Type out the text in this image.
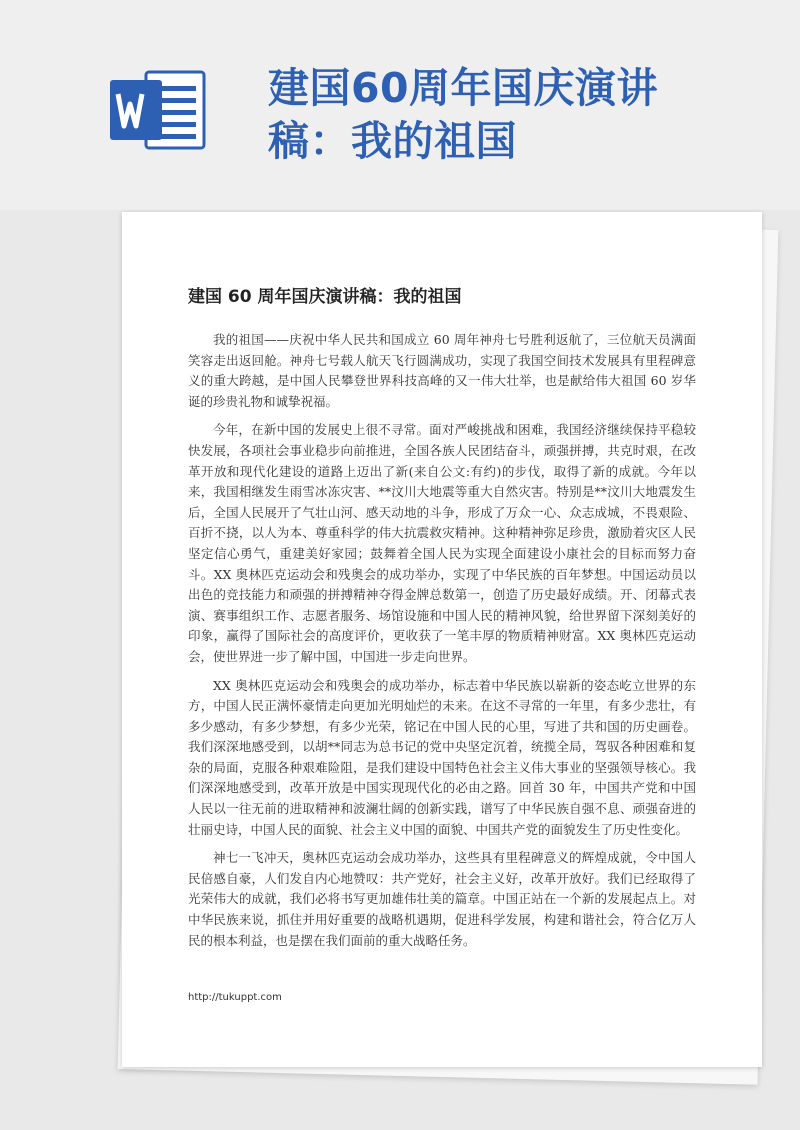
建国60周年国庆演讲稿：我的祖国
建国 60 周年国庆演讲稿：我的祖国

我的祖国——庆祝中华人民共和国成立 60 周年神舟七号胜利返航了，三位航天员满面笑容走出返回舱。神舟七号载人航天飞行圆满成功，实现了我国空间技术发展具有里程碑意义的重大跨越，是中国人民攀登世界科技高峰的又一伟大壮举，也是献给伟大祖国 60 岁华诞的珍贵礼物和诚挚祝福。

今年，在新中国的发展史上很不寻常。面对严峻挑战和困难，我国经济继续保持平稳较快发展，各项社会事业稳步向前推进，全国各族人民团结奋斗，顽强拼搏，共克时艰，在改革开放和现代化建设的道路上迈出了新(来自公文:有约)的步伐，取得了新的成就。今年以来，我国相继发生雨雪冰冻灾害、**汶川大地震等重大自然灾害。特别是**汶川大地震发生后，全国人民展开了气壮山河、感天动地的斗争，形成了万众一心、众志成城，不畏艰险、百折不挠，以人为本、尊重科学的伟大抗震救灾精神。这种精神弥足珍贵，激励着灾区人民坚定信心勇气，重建美好家园；鼓舞着全国人民为实现全面建设小康社会的目标而努力奋斗。XX 奥林匹克运动会和残奥会的成功举办，实现了中华民族的百年梦想。中国运动员以出色的竞技能力和顽强的拼搏精神夺得金牌总数第一，创造了历史最好成绩。开、闭幕式表演、赛事组织工作、志愿者服务、场馆设施和中国人民的精神风貌，给世界留下深刻美好的印象，赢得了国际社会的高度评价，更收获了一笔丰厚的物质精神财富。XX 奥林匹克运动会，使世界进一步了解中国，中国进一步走向世界。

XX 奥林匹克运动会和残奥会的成功举办，标志着中华民族以崭新的姿态屹立世界的东方，中国人民正满怀豪情走向更加光明灿烂的未来。在这不寻常的一年里，有多少悲壮，有多少感动，有多少梦想，有多少光荣，铭记在中国人民的心里，写进了共和国的历史画卷。我们深深地感受到，以胡**同志为总书记的党中央坚定沉着，统揽全局，驾驭各种困难和复杂的局面，克服各种艰难险阻，是我们建设中国特色社会主义伟大事业的坚强领导核心。我们深深地感受到，改革开放是中国实现现代化的必由之路。回首 30 年，中国共产党和中国人民以一往无前的进取精神和波澜壮阔的创新实践，谱写了中华民族自强不息、顽强奋进的壮丽史诗，中国人民的面貌、社会主义中国的面貌、中国共产党的面貌发生了历史性变化。

神七一飞冲天，奥林匹克运动会成功举办，这些具有里程碑意义的辉煌成就，令中国人民倍感自豪，人们发自内心地赞叹：共产党好，社会主义好，改革开放好。我们已经取得了光荣伟大的成就，我们必将书写更加雄伟壮美的篇章。中国正站在一个新的发展起点上。对中华民族来说，抓住并用好重要的战略机遇期，促进科学发展，构建和谐社会，符合亿万人民的根本利益，也是摆在我们面前的重大战略任务。

http://tukuppt.com
